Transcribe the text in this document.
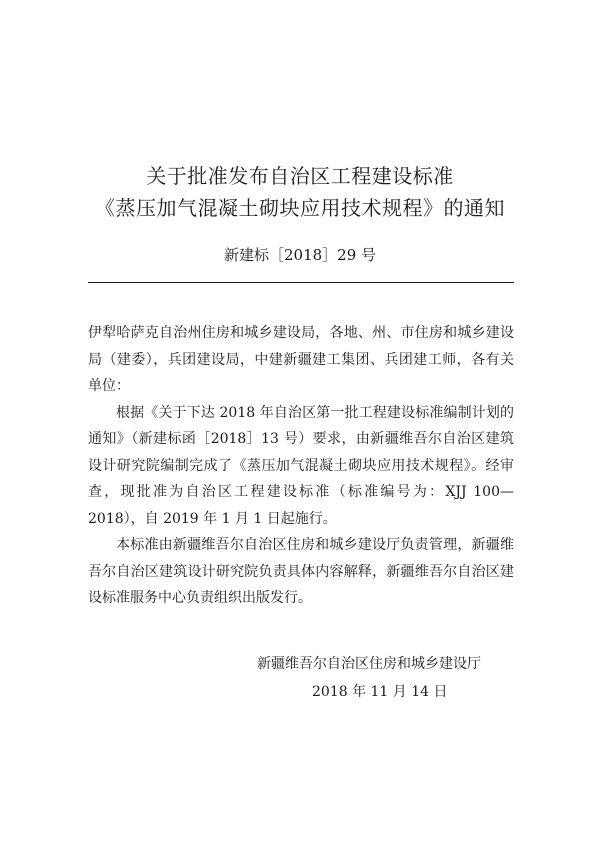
关于批准发布自治区工程建设标准
《蒸压加气混凝土砌块应用技术规程》的通知
新建标［2018］29 号

伊犁哈萨克自治州住房和城乡建设局，各地、州、市住房和城乡建设局（建委），兵团建设局，中建新疆建工集团、兵团建工师，各有关单位：

根据《关于下达 2018 年自治区第一批工程建设标准编制计划的通知》（新建标函［2018］13 号）要求，由新疆维吾尔自治区建筑设计研究院编制完成了《蒸压加气混凝土砌块应用技术规程》。经审查，现批准为自治区工程建设标准（标准编号为：XJJ 100—2018），自 2019 年 1 月 1 日起施行。

本标准由新疆维吾尔自治区住房和城乡建设厅负责管理，新疆维吾尔自治区建筑设计研究院负责具体内容解释，新疆维吾尔自治区建设标准服务中心负责组织出版发行。

新疆维吾尔自治区住房和城乡建设厅
2018 年 11 月 14 日
